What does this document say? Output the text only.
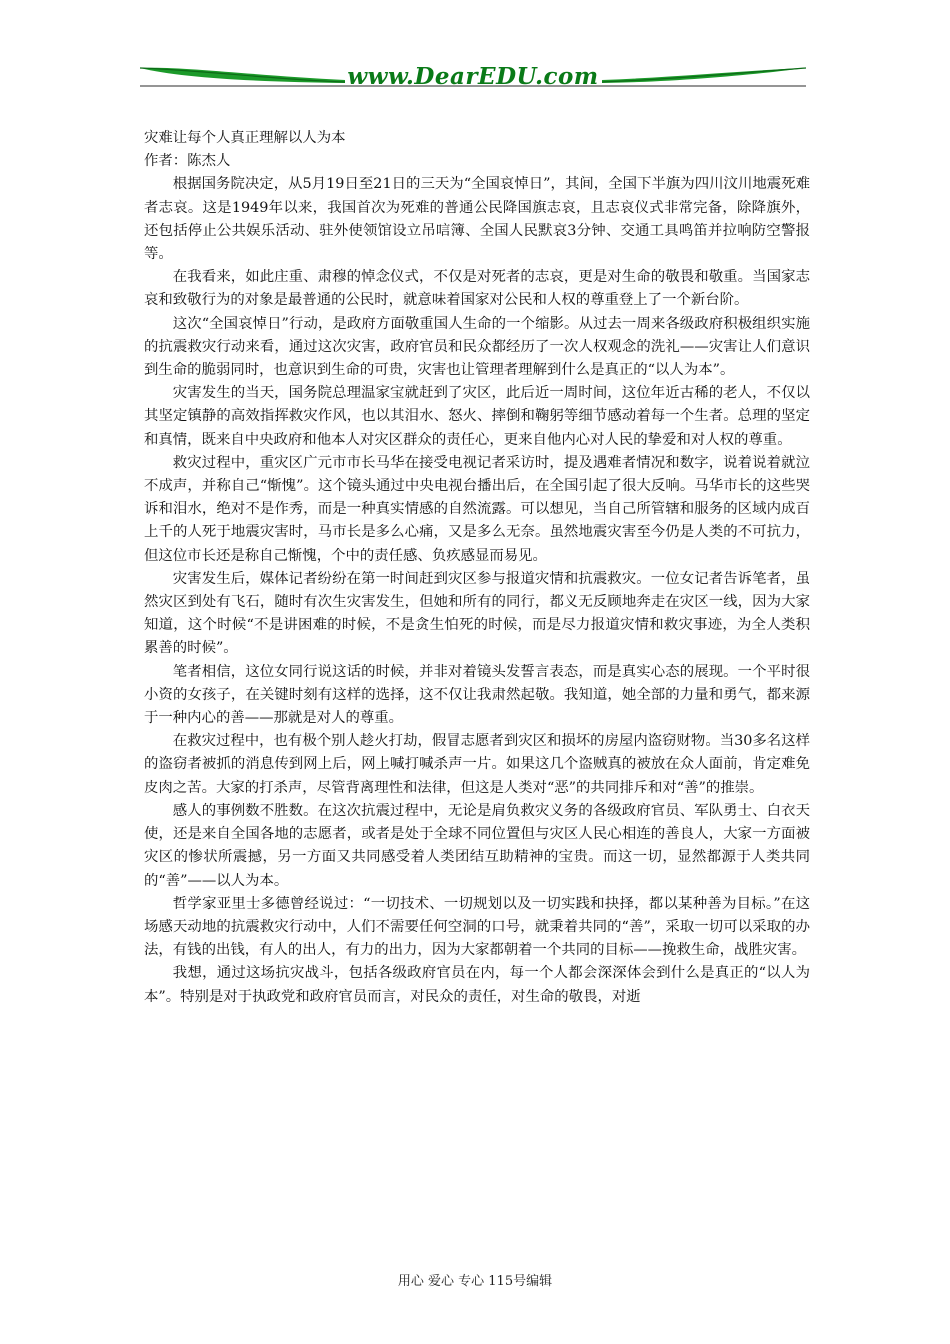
www.DearEDU.com

灾难让每个人真正理解以人为本

作者：陈杰人

根据国务院决定，从5月19日至21日的三天为“全国哀悼日”，其间，全国下半旗为四川汶川地震死难者志哀。这是1949年以来，我国首次为死难的普通公民降国旗志哀，且志哀仪式非常完备，除降旗外，还包括停止公共娱乐活动、驻外使领馆设立吊唁簿、全国人民默哀3分钟、交通工具鸣笛并拉响防空警报等。

在我看来，如此庄重、肃穆的悼念仪式，不仅是对死者的志哀，更是对生命的敬畏和敬重。当国家志哀和致敬行为的对象是最普通的公民时，就意味着国家对公民和人权的尊重登上了一个新台阶。

这次“全国哀悼日”行动，是政府方面敬重国人生命的一个缩影。从过去一周来各级政府积极组织实施的抗震救灾行动来看，通过这次灾害，政府官员和民众都经历了一次人权观念的洗礼——灾害让人们意识到生命的脆弱同时，也意识到生命的可贵，灾害也让管理者理解到什么是真正的“以人为本”。

灾害发生的当天，国务院总理温家宝就赶到了灾区，此后近一周时间，这位年近古稀的老人，不仅以其坚定镇静的高效指挥救灾作风，也以其泪水、怒火、摔倒和鞠躬等细节感动着每一个生者。总理的坚定和真情，既来自中央政府和他本人对灾区群众的责任心，更来自他内心对人民的挚爱和对人权的尊重。

救灾过程中，重灾区广元市市长马华在接受电视记者采访时，提及遇难者情况和数字，说着说着就泣不成声，并称自己“惭愧”。这个镜头通过中央电视台播出后，在全国引起了很大反响。马华市长的这些哭诉和泪水，绝对不是作秀，而是一种真实情感的自然流露。可以想见，当自己所管辖和服务的区域内成百上千的人死于地震灾害时，马市长是多么心痛，又是多么无奈。虽然地震灾害至今仍是人类的不可抗力，但这位市长还是称自己惭愧，个中的责任感、负疚感显而易见。

灾害发生后，媒体记者纷纷在第一时间赶到灾区参与报道灾情和抗震救灾。一位女记者告诉笔者，虽然灾区到处有飞石，随时有次生灾害发生，但她和所有的同行，都义无反顾地奔走在灾区一线，因为大家知道，这个时候“不是讲困难的时候，不是贪生怕死的时候，而是尽力报道灾情和救灾事迹，为全人类积累善的时候”。

笔者相信，这位女同行说这话的时候，并非对着镜头发誓言表态，而是真实心态的展现。一个平时很小资的女孩子，在关键时刻有这样的选择，这不仅让我肃然起敬。我知道，她全部的力量和勇气，都来源于一种内心的善——那就是对人的尊重。

在救灾过程中，也有极个别人趁火打劫，假冒志愿者到灾区和损坏的房屋内盗窃财物。当30多名这样的盗窃者被抓的消息传到网上后，网上喊打喊杀声一片。如果这几个盗贼真的被放在众人面前，肯定难免皮肉之苦。大家的打杀声，尽管背离理性和法律，但这是人类对“恶”的共同排斥和对“善”的推崇。

感人的事例数不胜数。在这次抗震过程中，无论是肩负救灾义务的各级政府官员、军队勇士、白衣天使，还是来自全国各地的志愿者，或者是处于全球不同位置但与灾区人民心相连的善良人，大家一方面被灾区的惨状所震撼，另一方面又共同感受着人类团结互助精神的宝贵。而这一切，显然都源于人类共同的“善”——以人为本。

哲学家亚里士多德曾经说过：“一切技术、一切规划以及一切实践和抉择，都以某种善为目标。”在这场感天动地的抗震救灾行动中，人们不需要任何空洞的口号，就秉着共同的“善”，采取一切可以采取的办法，有钱的出钱，有人的出人，有力的出力，因为大家都朝着一个共同的目标——挽救生命，战胜灾害。

我想，通过这场抗灾战斗，包括各级政府官员在内，每一个人都会深深体会到什么是真正的“以人为本”。特别是对于执政党和政府官员而言，对民众的责任，对生命的敬畏，对逝

用心 爱心 专心 115号编辑
